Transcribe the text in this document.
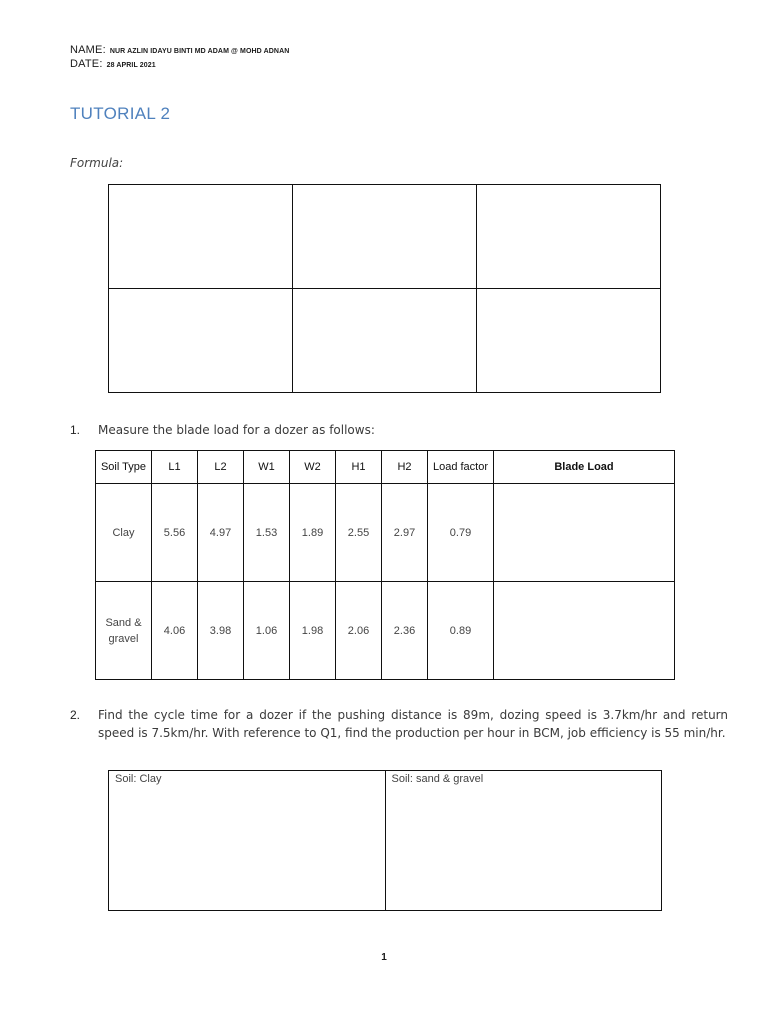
NAME: NUR AZLIN IDAYU BINTI MD ADAM @ MOHD ADNAN
DATE: 28 APRIL 2021
TUTORIAL 2
Formula:

1. Measure the blade load for a dozer as follows:
Soil Type	L1	L2	W1	W2	H1	H2	Load factor	Blade Load
Clay	5.56	4.97	1.53	1.89	2.55	2.97	0.79	
Sand & gravel	4.06	3.98	1.06	1.98	2.06	2.36	0.89	
2. Find the cycle time for a dozer if the pushing distance is 89m, dozing speed is 3.7km/hr and return speed is 7.5km/hr. With reference to Q1, find the production per hour in BCM, job efficiency is 55 min/hr.
Soil: Clay	Soil: sand & gravel
1
